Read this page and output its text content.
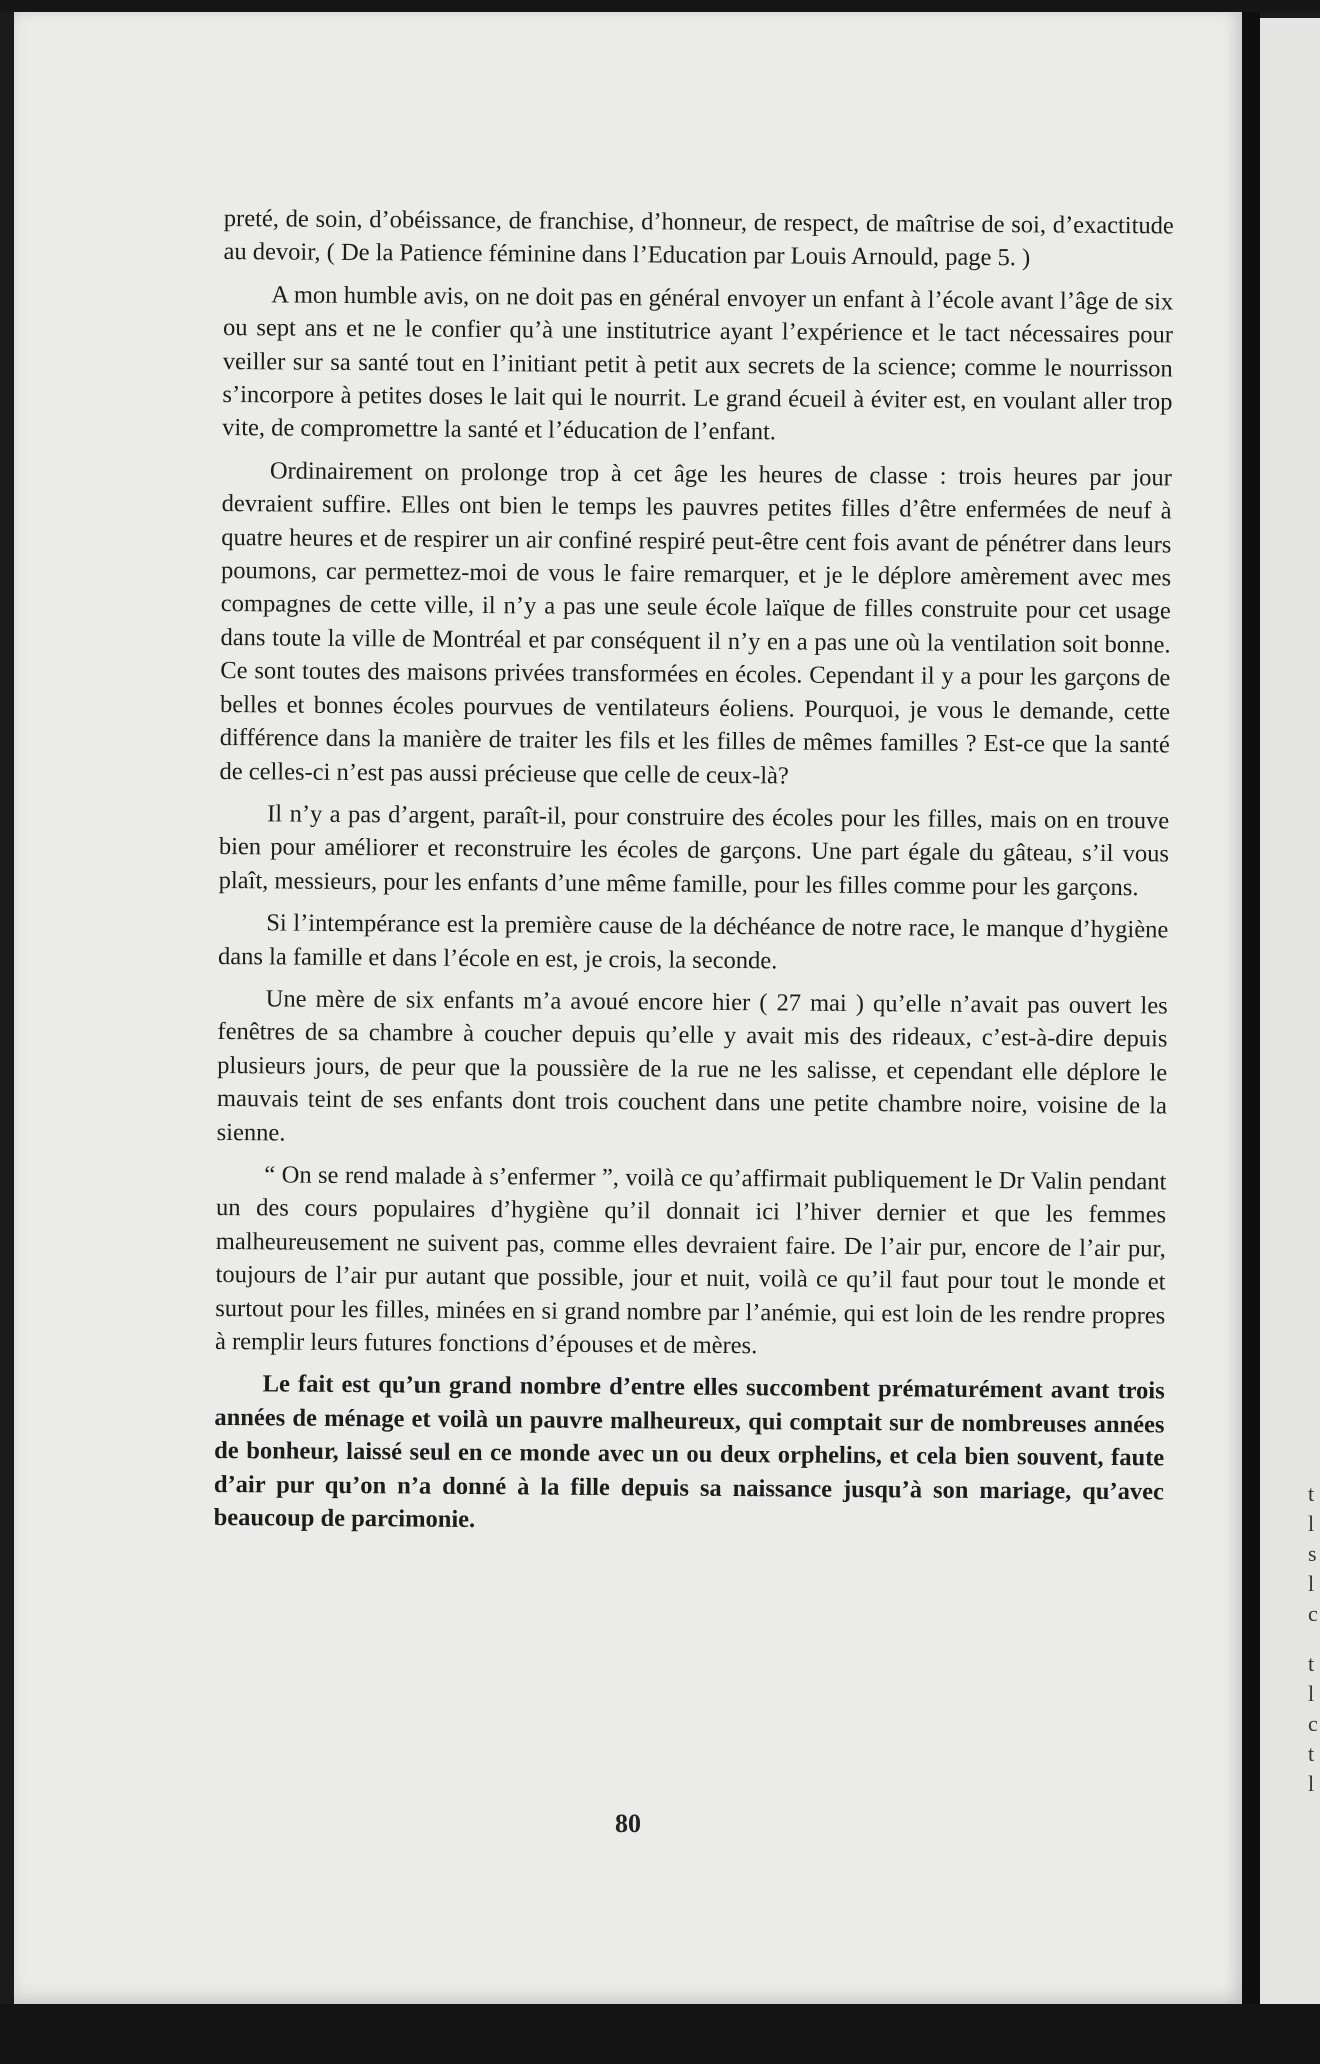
preté, de soin, d’obéissance, de franchise, d’honneur, de respect, de maîtrise de soi, d’exactitude au devoir, ( De la Patience féminine dans l’Education par Louis Arnould, page 5. )

A mon humble avis, on ne doit pas en général envoyer un enfant à l’école avant l’âge de six ou sept ans et ne le confier qu’à une institutrice ayant l’expérience et le tact nécessaires pour veiller sur sa santé tout en l’initiant petit à petit aux secrets de la science; comme le nourrisson s’incorpore à petites doses le lait qui le nourrit. Le grand écueil à éviter est, en voulant aller trop vite, de compromettre la santé et l’éducation de l’enfant.

Ordinairement on prolonge trop à cet âge les heures de classe : trois heures par jour devraient suffire. Elles ont bien le temps les pauvres petites filles d’être enfermées de neuf à quatre heures et de respirer un air confiné respiré peut-être cent fois avant de pénétrer dans leurs poumons, car permettez-moi de vous le faire remarquer, et je le déplore amèrement avec mes compagnes de cette ville, il n’y a pas une seule école laïque de filles construite pour cet usage dans toute la ville de Montréal et par conséquent il n’y en a pas une où la ventilation soit bonne. Ce sont toutes des maisons privées transformées en écoles. Cependant il y a pour les garçons de belles et bonnes écoles pourvues de ventilateurs éoliens. Pourquoi, je vous le demande, cette différence dans la manière de traiter les fils et les filles de mêmes familles ? Est-ce que la santé de celles-ci n’est pas aussi précieuse que celle de ceux-là?

Il n’y a pas d’argent, paraît-il, pour construire des écoles pour les filles, mais on en trouve bien pour améliorer et reconstruire les écoles de garçons. Une part égale du gâteau, s’il vous plaît, messieurs, pour les enfants d’une même famille, pour les filles comme pour les garçons.

Si l’intempérance est la première cause de la déchéance de notre race, le manque d’hygiène dans la famille et dans l’école en est, je crois, la seconde.

Une mère de six enfants m’a avoué encore hier ( 27 mai ) qu’elle n’avait pas ouvert les fenêtres de sa chambre à coucher depuis qu’elle y avait mis des rideaux, c’est-à-dire depuis plusieurs jours, de peur que la poussière de la rue ne les salisse, et cependant elle déplore le mauvais teint de ses enfants dont trois couchent dans une petite chambre noire, voisine de la sienne.

“ On se rend malade à s’enfermer ”, voilà ce qu’affirmait publiquement le Dr Valin pendant un des cours populaires d’hygiène qu’il donnait ici l’hiver dernier et que les femmes malheureusement ne suivent pas, comme elles devraient faire. De l’air pur, encore de l’air pur, toujours de l’air pur autant que possible, jour et nuit, voilà ce qu’il faut pour tout le monde et surtout pour les filles, minées en si grand nombre par l’anémie, qui est loin de les rendre propres à remplir leurs futures fonctions d’épouses et de mères.

Le fait est qu’un grand nombre d’entre elles succombent prématurément avant trois années de ménage et voilà un pauvre malheureux, qui comptait sur de nombreuses années de bonheur, laissé seul en ce monde avec un ou deux orphelins, et cela bien souvent, faute d’air pur qu’on n’a donné à la fille depuis sa naissance jusqu’à son mariage, qu’avec beaucoup de parcimonie.

80
t
l
s
l
c
t
l
c
t
l
